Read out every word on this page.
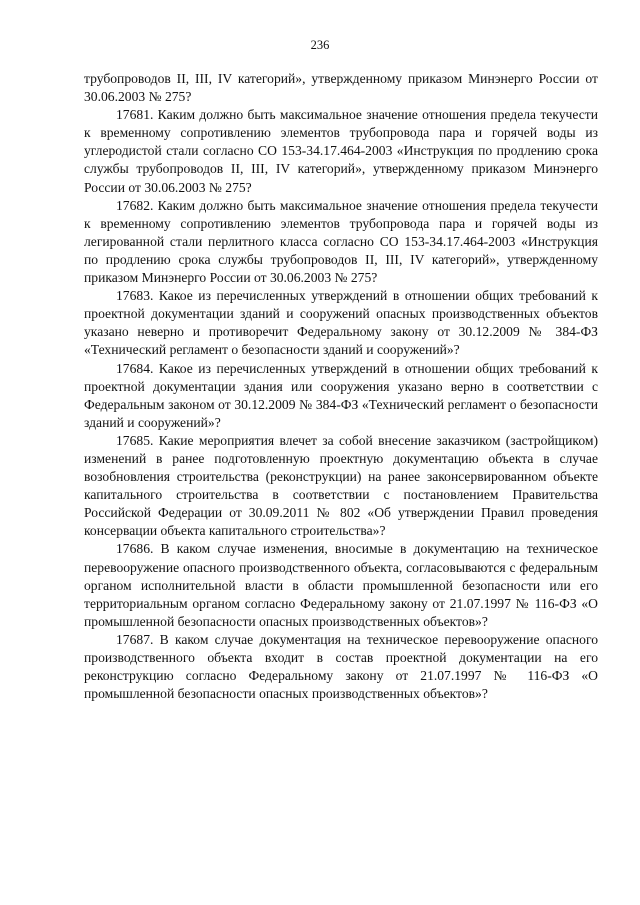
236

трубопроводов II, III, IV категорий», утвержденному приказом Минэнерго России от 30.06.2003 № 275?

17681. Каким должно быть максимальное значение отношения предела текучести к временному сопротивлению элементов трубопровода пара и горячей воды из углеродистой стали согласно СО 153-34.17.464-2003 «Инструкция по продлению срока службы трубопроводов II, III, IV категорий», утвержденному приказом Минэнерго России от 30.06.2003 № 275?

17682. Каким должно быть максимальное значение отношения предела текучести к временному сопротивлению элементов трубопровода пара и горячей воды из легированной стали перлитного класса согласно СО 153-34.17.464-2003 «Инструкция по продлению срока службы трубопроводов II, III, IV категорий», утвержденному приказом Минэнерго России от 30.06.2003 № 275?

17683. Какое из перечисленных утверждений в отношении общих требований к проектной документации зданий и сооружений опасных производственных объектов указано неверно и противоречит Федеральному закону от 30.12.2009 № 384-ФЗ «Технический регламент о безопасности зданий и сооружений»?

17684. Какое из перечисленных утверждений в отношении общих требований к проектной документации здания или сооружения указано верно в соответствии с Федеральным законом от 30.12.2009 № 384-ФЗ «Технический регламент о безопасности зданий и сооружений»?

17685. Какие мероприятия влечет за собой внесение заказчиком (застройщиком) изменений в ранее подготовленную проектную документацию объекта в случае возобновления строительства (реконструкции) на ранее законсервированном объекте капитального строительства в соответствии с постановлением Правительства Российской Федерации от 30.09.2011 № 802 «Об утверждении Правил проведения консервации объекта капитального строительства»?

17686. В каком случае изменения, вносимые в документацию на техническое перевооружение опасного производственного объекта, согласовываются с федеральным органом исполнительной власти в области промышленной безопасности или его территориальным органом согласно Федеральному закону от 21.07.1997 № 116-ФЗ «О промышленной безопасности опасных производственных объектов»?

17687. В каком случае документация на техническое перевооружение опасного производственного объекта входит в состав проектной документации на его реконструкцию согласно Федеральному закону от 21.07.1997 № 116-ФЗ «О промышленной безопасности опасных производственных объектов»?
